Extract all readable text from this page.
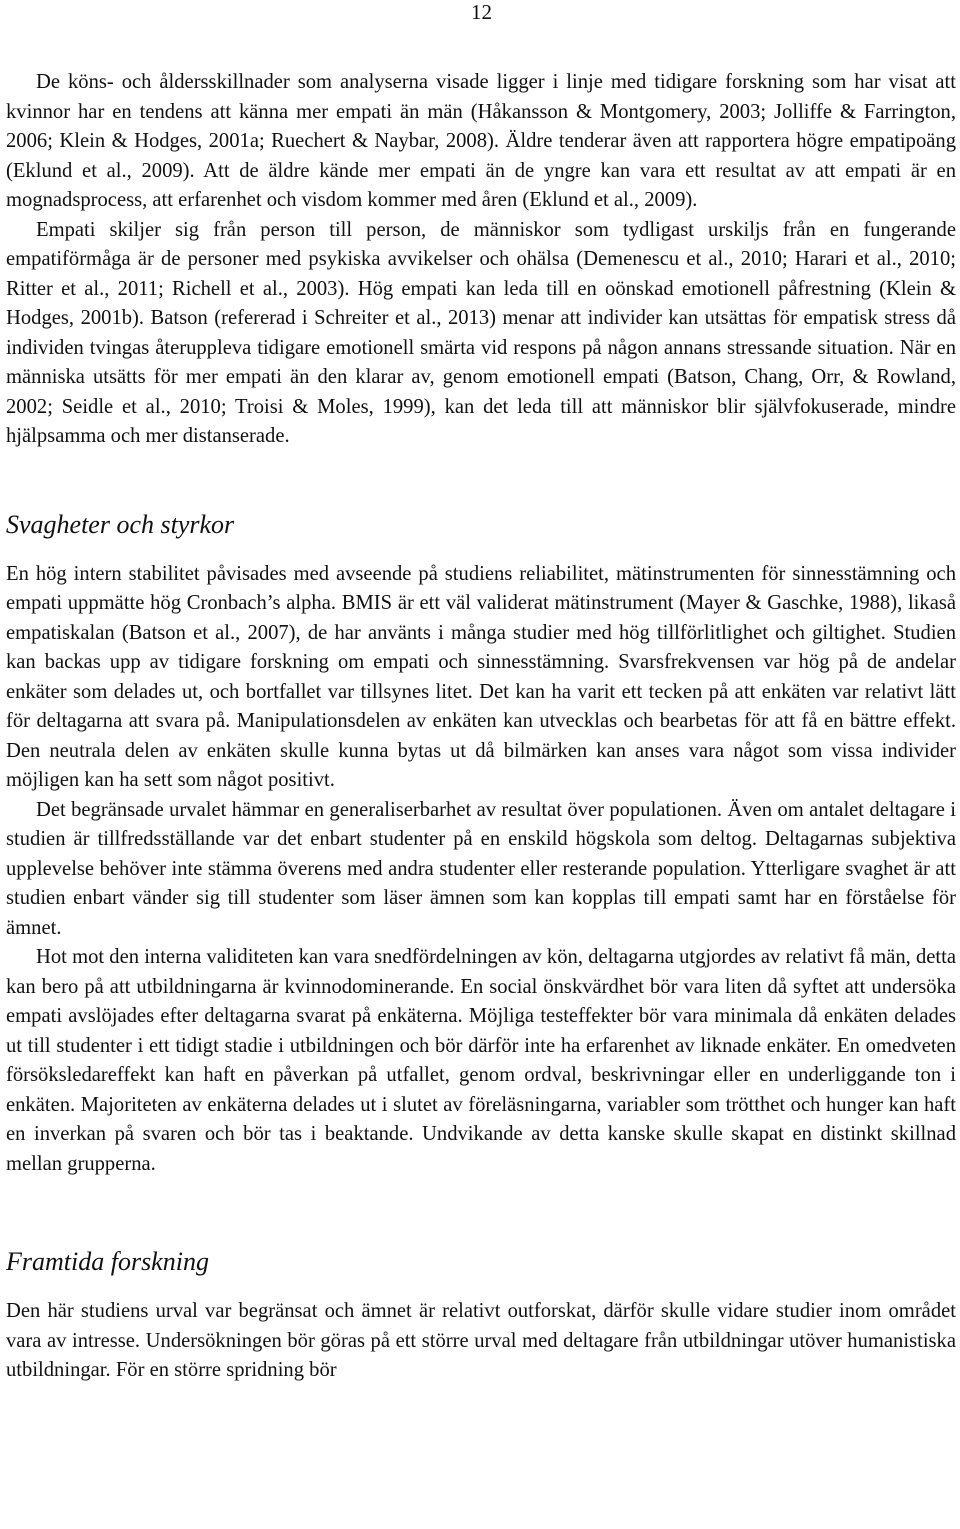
12

De köns- och åldersskillnader som analyserna visade ligger i linje med tidigare forskning som har visat att kvinnor har en tendens att känna mer empati än män (Håkansson & Montgomery, 2003; Jolliffe & Farrington, 2006; Klein & Hodges, 2001a; Ruechert & Naybar, 2008). Äldre tenderar även att rapportera högre empatipoäng (Eklund et al., 2009). Att de äldre kände mer empati än de yngre kan vara ett resultat av att empati är en mognadsprocess, att erfarenhet och visdom kommer med åren (Eklund et al., 2009).

Empati skiljer sig från person till person, de människor som tydligast urskiljs från en fungerande empatiförmåga är de personer med psykiska avvikelser och ohälsa (Demenescu et al., 2010; Harari et al., 2010; Ritter et al., 2011; Richell et al., 2003). Hög empati kan leda till en oönskad emotionell påfrestning (Klein & Hodges, 2001b). Batson (refererad i Schreiter et al., 2013) menar att individer kan utsättas för empatisk stress då individen tvingas återuppleva tidigare emotionell smärta vid respons på någon annans stressande situation. När en människa utsätts för mer empati än den klarar av, genom emotionell empati (Batson, Chang, Orr, & Rowland, 2002; Seidle et al., 2010; Troisi & Moles, 1999), kan det leda till att människor blir självfokuserade, mindre hjälpsamma och mer distanserade.

Svagheter och styrkor

En hög intern stabilitet påvisades med avseende på studiens reliabilitet, mätinstrumenten för sinnesstämning och empati uppmätte hög Cronbach’s alpha. BMIS är ett väl validerat mätinstrument (Mayer & Gaschke, 1988), likaså empatiskalan (Batson et al., 2007), de har använts i många studier med hög tillförlitlighet och giltighet. Studien kan backas upp av tidigare forskning om empati och sinnesstämning. Svarsfrekvensen var hög på de andelar enkäter som delades ut, och bortfallet var tillsynes litet. Det kan ha varit ett tecken på att enkäten var relativt lätt för deltagarna att svara på. Manipulationsdelen av enkäten kan utvecklas och bearbetas för att få en bättre effekt. Den neutrala delen av enkäten skulle kunna bytas ut då bilmärken kan anses vara något som vissa individer möjligen kan ha sett som något positivt.

Det begränsade urvalet hämmar en generaliserbarhet av resultat över populationen. Även om antalet deltagare i studien är tillfredsställande var det enbart studenter på en enskild högskola som deltog. Deltagarnas subjektiva upplevelse behöver inte stämma överens med andra studenter eller resterande population. Ytterligare svaghet är att studien enbart vänder sig till studenter som läser ämnen som kan kopplas till empati samt har en förståelse för ämnet.

Hot mot den interna validiteten kan vara snedfördelningen av kön, deltagarna utgjordes av relativt få män, detta kan bero på att utbildningarna är kvinnodominerande. En social önskvärdhet bör vara liten då syftet att undersöka empati avslöjades efter deltagarna svarat på enkäterna. Möjliga testeffekter bör vara minimala då enkäten delades ut till studenter i ett tidigt stadie i utbildningen och bör därför inte ha erfarenhet av liknade enkäter. En omedveten försöksledareffekt kan haft en påverkan på utfallet, genom ordval, beskrivningar eller en underliggande ton i enkäten. Majoriteten av enkäterna delades ut i slutet av föreläsningarna, variabler som trötthet och hunger kan haft en inverkan på svaren och bör tas i beaktande. Undvikande av detta kanske skulle skapat en distinkt skillnad mellan grupperna.

Framtida forskning

Den här studiens urval var begränsat och ämnet är relativt outforskat, därför skulle vidare studier inom området vara av intresse. Undersökningen bör göras på ett större urval med deltagare från utbildningar utöver humanistiska utbildningar. För en större spridning bör
